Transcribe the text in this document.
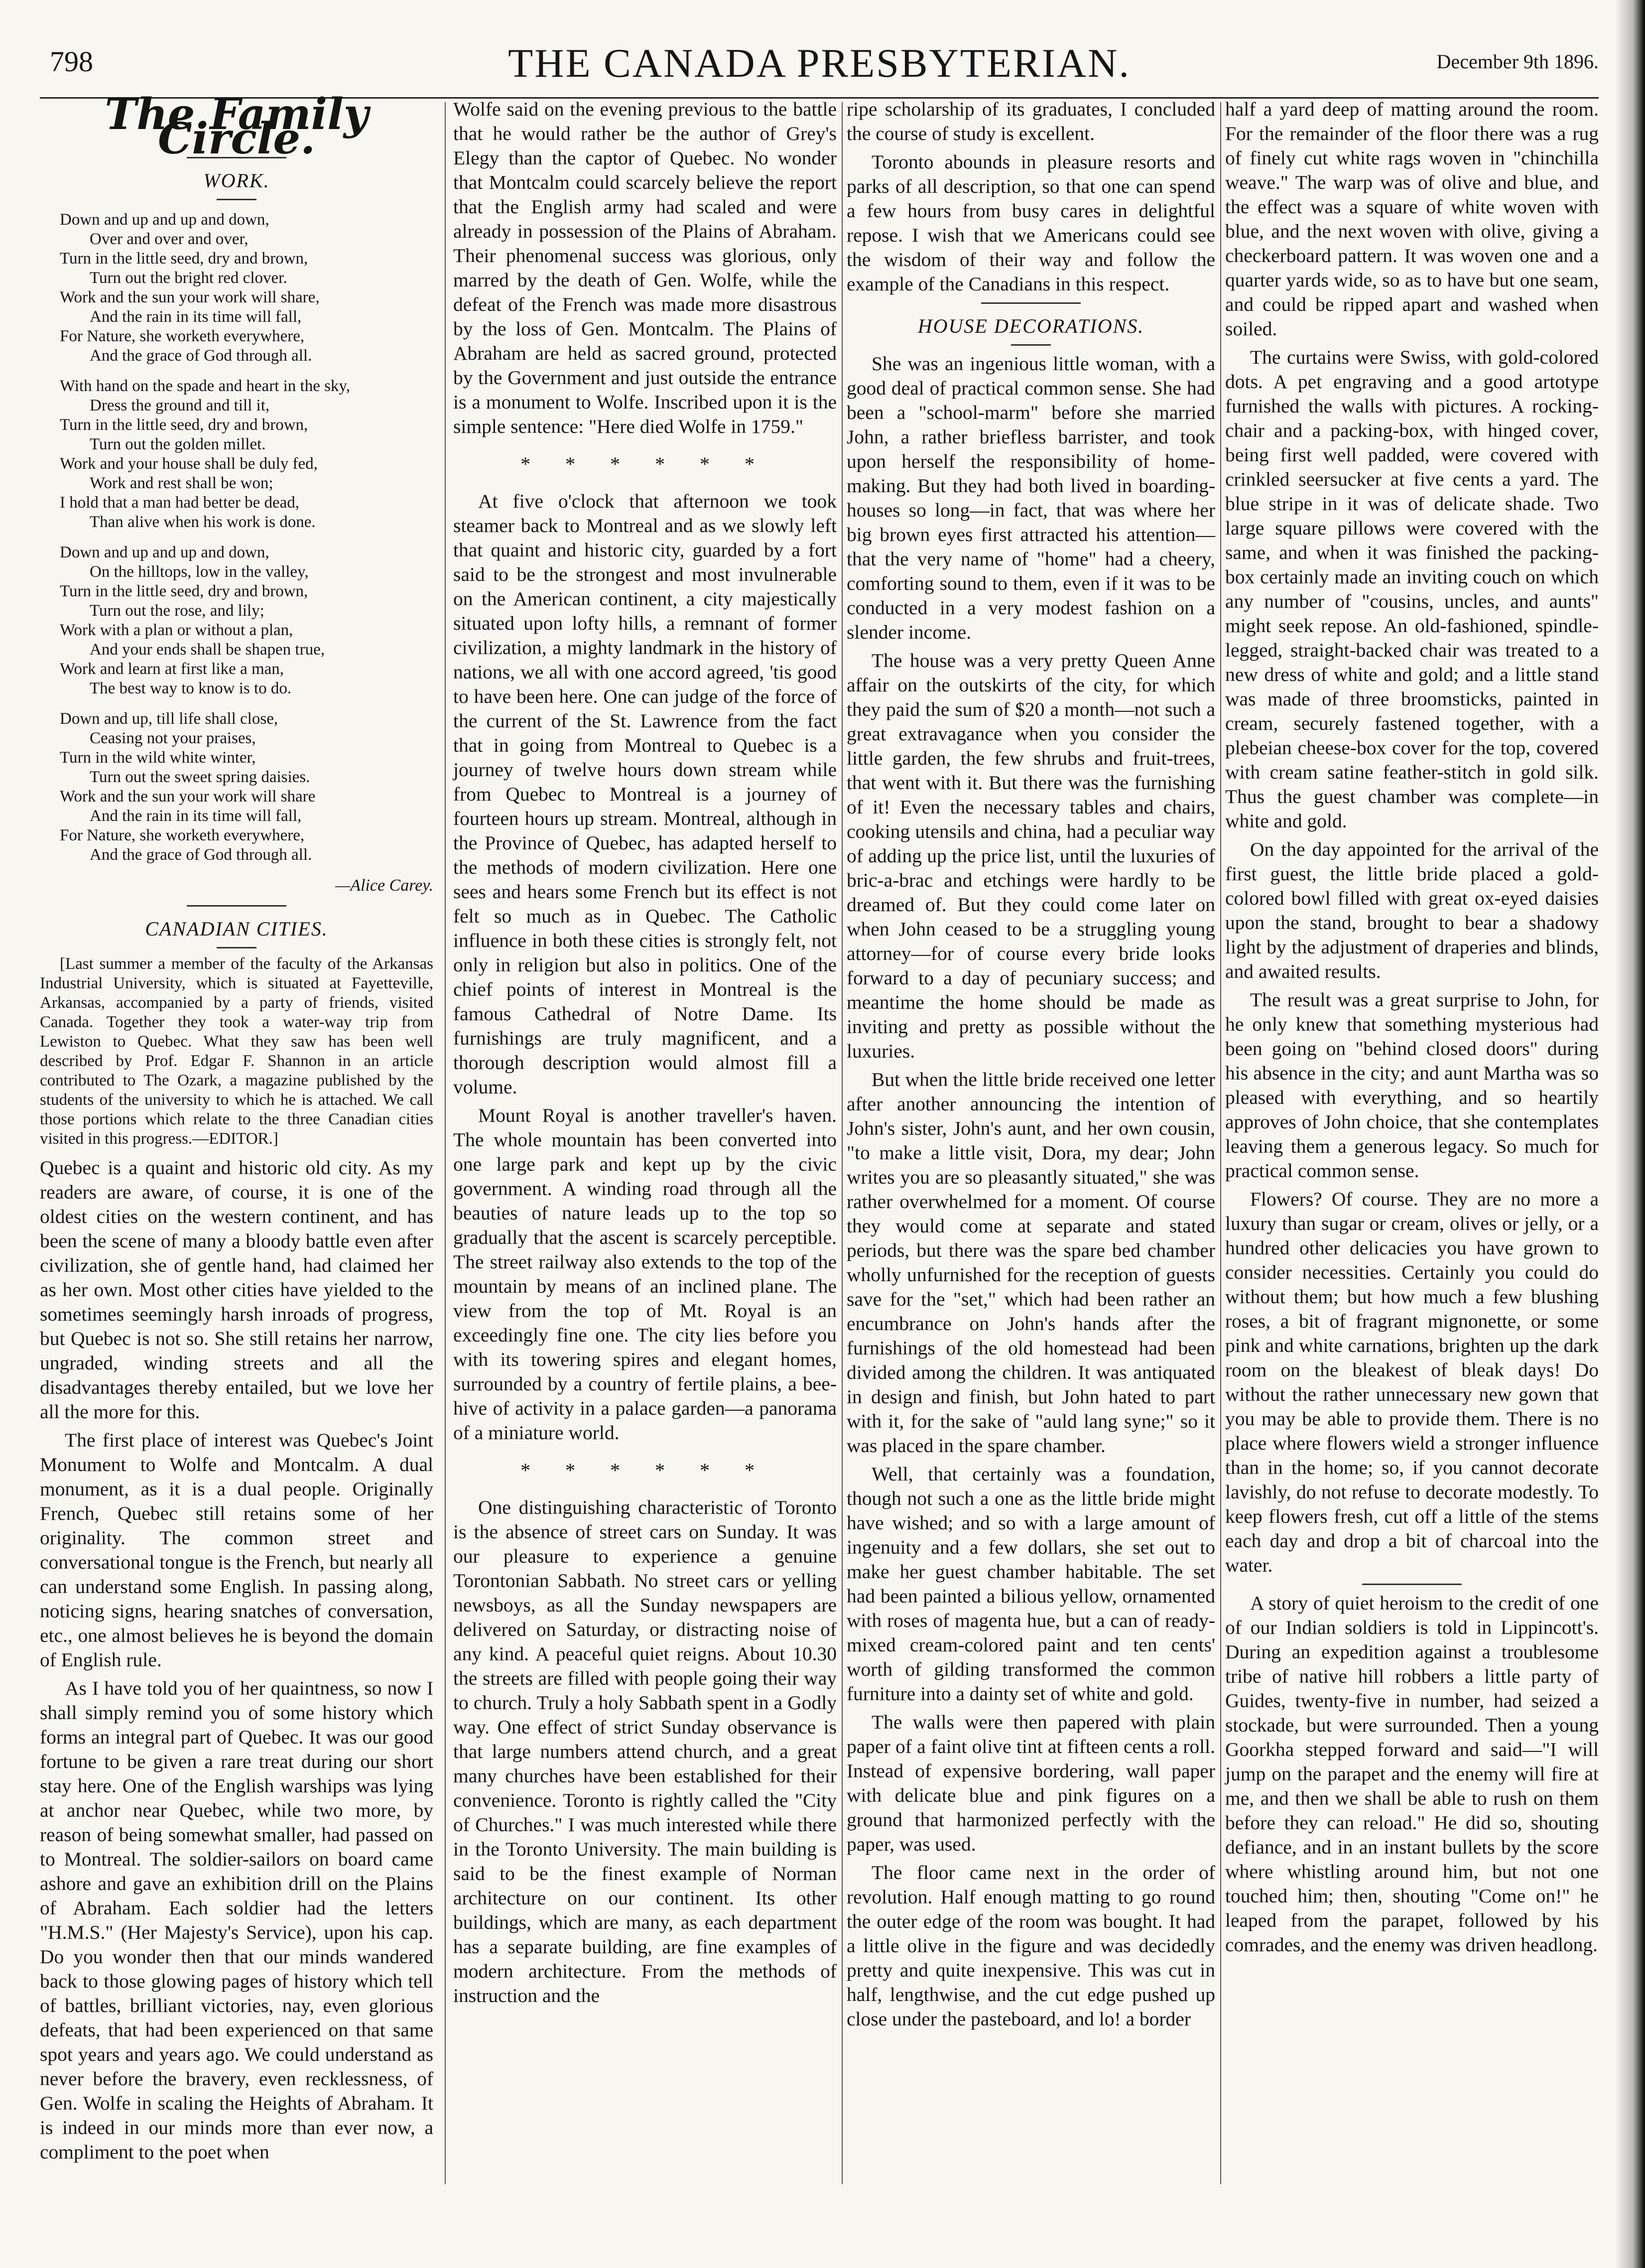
798	THE CANADA PRESBYTERIAN.	December 9th 1896.
The Family Circle.
WORK.
Down and up and up and down,
Over and over and over,
Turn in the little seed, dry and brown,
Turn out the bright red clover.
Work and the sun your work will share,
And the rain in its time will fall,
For Nature, she worketh everywhere,
And the grace of God through all.
With hand on the spade and heart in the sky,
Dress the ground and till it,
Turn in the little seed, dry and brown,
Turn out the golden millet.
Work and your house shall be duly fed,
Work and rest shall be won;
I hold that a man had better be dead,
Than alive when his work is done.
Down and up and up and down,
On the hilltops, low in the valley,
Turn in the little seed, dry and brown,
Turn out the rose, and lily;
Work with a plan or without a plan,
And your ends shall be shapen true,
Work and learn at first like a man,
The best way to know is to do.
Down and up, till life shall close,
Ceasing not your praises,
Turn in the wild white winter,
Turn out the sweet spring daisies.
Work and the sun your work will share
And the rain in its time will fall,
For Nature, she worketh everywhere,
And the grace of God through all.
—Alice Carey.
CANADIAN CITIES.
[Last summer a member of the faculty of the Arkansas Industrial University, which is situated at Fayetteville, Arkansas, accompanied by a party of friends, visited Canada. Together they took a water-way trip from Lewiston to Quebec. What they saw has been well described by Prof. Edgar F. Shannon in an article contributed to The Ozark, a magazine published by the students of the university to which he is attached. We call those portions which relate to the three Canadian cities visited in this progress.—EDITOR.]

Quebec is a quaint and historic old city. As my readers are aware, of course, it is one of the oldest cities on the western continent, and has been the scene of many a bloody battle even after civilization, she of gentle hand, had claimed her as her own. Most other cities have yielded to the sometimes seemingly harsh inroads of progress, but Quebec is not so. She still retains her narrow, ungraded, winding streets and all the disadvantages thereby entailed, but we love her all the more for this.

The first place of interest was Quebec's Joint Monument to Wolfe and Montcalm. A dual monument, as it is a dual people. Originally French, Quebec still retains some of her originality. The common street and conversational tongue is the French, but nearly all can understand some English. In passing along, noticing signs, hearing snatches of conversation, etc., one almost believes he is beyond the domain of English rule.

As I have told you of her quaintness, so now I shall simply remind you of some history which forms an integral part of Quebec. It was our good fortune to be given a rare treat during our short stay here. One of the English warships was lying at anchor near Quebec, while two more, by reason of being somewhat smaller, had passed on to Montreal. The soldier-sailors on board came ashore and gave an exhibition drill on the Plains of Abraham. Each soldier had the letters "H.M.S." (Her Majesty's Service), upon his cap. Do you wonder then that our minds wandered back to those glowing pages of history which tell of battles, brilliant victories, nay, even glorious defeats, that had been experienced on that same spot years and years ago. We could understand as never before the bravery, even recklessness, of Gen. Wolfe in scaling the Heights of Abraham. It is indeed in our minds more than ever now, a compliment to the poet when

Wolfe said on the evening previous to the battle that he would rather be the author of Grey's Elegy than the captor of Quebec. No wonder that Montcalm could scarcely believe the report that the English army had scaled and were already in possession of the Plains of Abraham. Their phenomenal success was glorious, only marred by the death of Gen. Wolfe, while the defeat of the French was made more disastrous by the loss of Gen. Montcalm. The Plains of Abraham are held as sacred ground, protected by the Government and just outside the entrance is a monument to Wolfe. Inscribed upon it is the simple sentence: "Here died Wolfe in 1759."

* * * * * *

At five o'clock that afternoon we took steamer back to Montreal and as we slowly left that quaint and historic city, guarded by a fort said to be the strongest and most invulnerable on the American continent, a city majestically situated upon lofty hills, a remnant of former civilization, a mighty landmark in the history of nations, we all with one accord agreed, 'tis good to have been here. One can judge of the force of the current of the St. Lawrence from the fact that in going from Montreal to Quebec is a journey of twelve hours down stream while from Quebec to Montreal is a journey of fourteen hours up stream. Montreal, although in the Province of Quebec, has adapted herself to the methods of modern civilization. Here one sees and hears some French but its effect is not felt so much as in Quebec. The Catholic influence in both these cities is strongly felt, not only in religion but also in politics. One of the chief points of interest in Montreal is the famous Cathedral of Notre Dame. Its furnishings are truly magnificent, and a thorough description would almost fill a volume.

Mount Royal is another traveller's haven. The whole mountain has been converted into one large park and kept up by the civic government. A winding road through all the beauties of nature leads up to the top so gradually that the ascent is scarcely perceptible. The street railway also extends to the top of the mountain by means of an inclined plane. The view from the top of Mt. Royal is an exceedingly fine one. The city lies before you with its towering spires and elegant homes, surrounded by a country of fertile plains, a bee-hive of activity in a palace garden—a panorama of a miniature world.

* * * * * *

One distinguishing characteristic of Toronto is the absence of street cars on Sunday. It was our pleasure to experience a genuine Torontonian Sabbath. No street cars or yelling newsboys, as all the Sunday newspapers are delivered on Saturday, or distracting noise of any kind. A peaceful quiet reigns. About 10.30 the streets are filled with people going their way to church. Truly a holy Sabbath spent in a Godly way. One effect of strict Sunday observance is that large numbers attend church, and a great many churches have been established for their convenience. Toronto is rightly called the "City of Churches." I was much interested while there in the Toronto University. The main building is said to be the finest example of Norman architecture on our continent. Its other buildings, which are many, as each department has a separate building, are fine examples of modern architecture. From the methods of instruction and the

ripe scholarship of its graduates, I concluded the course of study is excellent.

Toronto abounds in pleasure resorts and parks of all description, so that one can spend a few hours from busy cares in delightful repose. I wish that we Americans could see the wisdom of their way and follow the example of the Canadians in this respect.

HOUSE DECORATIONS.

She was an ingenious little woman, with a good deal of practical common sense. She had been a "school-marm" before she married John, a rather briefless barrister, and took upon herself the responsibility of home-making. But they had both lived in boarding-houses so long—in fact, that was where her big brown eyes first attracted his attention—that the very name of "home" had a cheery, comforting sound to them, even if it was to be conducted in a very modest fashion on a slender income.

The house was a very pretty Queen Anne affair on the outskirts of the city, for which they paid the sum of $20 a month—not such a great extravagance when you consider the little garden, the few shrubs and fruit-trees, that went with it. But there was the furnishing of it! Even the necessary tables and chairs, cooking utensils and china, had a peculiar way of adding up the price list, until the luxuries of bric-a-brac and etchings were hardly to be dreamed of. But they could come later on when John ceased to be a struggling young attorney—for of course every bride looks forward to a day of pecuniary success; and meantime the home should be made as inviting and pretty as possible without the luxuries.

But when the little bride received one letter after another announcing the intention of John's sister, John's aunt, and her own cousin, "to make a little visit, Dora, my dear; John writes you are so pleasantly situated," she was rather overwhelmed for a moment. Of course they would come at separate and stated periods, but there was the spare bed chamber wholly unfurnished for the reception of guests save for the "set," which had been rather an encumbrance on John's hands after the furnishings of the old homestead had been divided among the children. It was antiquated in design and finish, but John hated to part with it, for the sake of "auld lang syne;" so it was placed in the spare chamber.

Well, that certainly was a foundation, though not such a one as the little bride might have wished; and so with a large amount of ingenuity and a few dollars, she set out to make her guest chamber habitable. The set had been painted a bilious yellow, ornamented with roses of magenta hue, but a can of ready-mixed cream-colored paint and ten cents' worth of gilding transformed the common furniture into a dainty set of white and gold.

The walls were then papered with plain paper of a faint olive tint at fifteen cents a roll. Instead of expensive bordering, wall paper with delicate blue and pink figures on a ground that harmonized perfectly with the paper, was used.

The floor came next in the order of revolution. Half enough matting to go round the outer edge of the room was bought. It had a little olive in the figure and was decidedly pretty and quite inexpensive. This was cut in half, lengthwise, and the cut edge pushed up close under the pasteboard, and lo! a border

half a yard deep of matting around the room. For the remainder of the floor there was a rug of finely cut white rags woven in "chinchilla weave." The warp was of olive and blue, and the effect was a square of white woven with blue, and the next woven with olive, giving a checkerboard pattern. It was woven one and a quarter yards wide, so as to have but one seam, and could be ripped apart and washed when soiled.

The curtains were Swiss, with gold-colored dots. A pet engraving and a good artotype furnished the walls with pictures. A rocking-chair and a packing-box, with hinged cover, being first well padded, were covered with crinkled seersucker at five cents a yard. The blue stripe in it was of delicate shade. Two large square pillows were covered with the same, and when it was finished the packing-box certainly made an inviting couch on which any number of "cousins, uncles, and aunts" might seek repose. An old-fashioned, spindle-legged, straight-backed chair was treated to a new dress of white and gold; and a little stand was made of three broomsticks, painted in cream, securely fastened together, with a plebeian cheese-box cover for the top, covered with cream satine feather-stitch in gold silk. Thus the guest chamber was complete—in white and gold.

On the day appointed for the arrival of the first guest, the little bride placed a gold-colored bowl filled with great ox-eyed daisies upon the stand, brought to bear a shadowy light by the adjustment of draperies and blinds, and awaited results.

The result was a great surprise to John, for he only knew that something mysterious had been going on "behind closed doors" during his absence in the city; and aunt Martha was so pleased with everything, and so heartily approves of John choice, that she contemplates leaving them a generous legacy. So much for practical common sense.

Flowers? Of course. They are no more a luxury than sugar or cream, olives or jelly, or a hundred other delicacies you have grown to consider necessities. Certainly you could do without them; but how much a few blushing roses, a bit of fragrant mignonette, or some pink and white carnations, brighten up the dark room on the bleakest of bleak days! Do without the rather unnecessary new gown that you may be able to provide them. There is no place where flowers wield a stronger influence than in the home; so, if you cannot decorate lavishly, do not refuse to decorate modestly. To keep flowers fresh, cut off a little of the stems each day and drop a bit of charcoal into the water.

A story of quiet heroism to the credit of one of our Indian soldiers is told in Lippincott's. During an expedition against a troublesome tribe of native hill robbers a little party of Guides, twenty-five in number, had seized a stockade, but were surrounded. Then a young Goorkha stepped forward and said—"I will jump on the parapet and the enemy will fire at me, and then we shall be able to rush on them before they can reload." He did so, shouting defiance, and in an instant bullets by the score where whistling around him, but not one touched him; then, shouting "Come on!" he leaped from the parapet, followed by his comrades, and the enemy was driven headlong.
